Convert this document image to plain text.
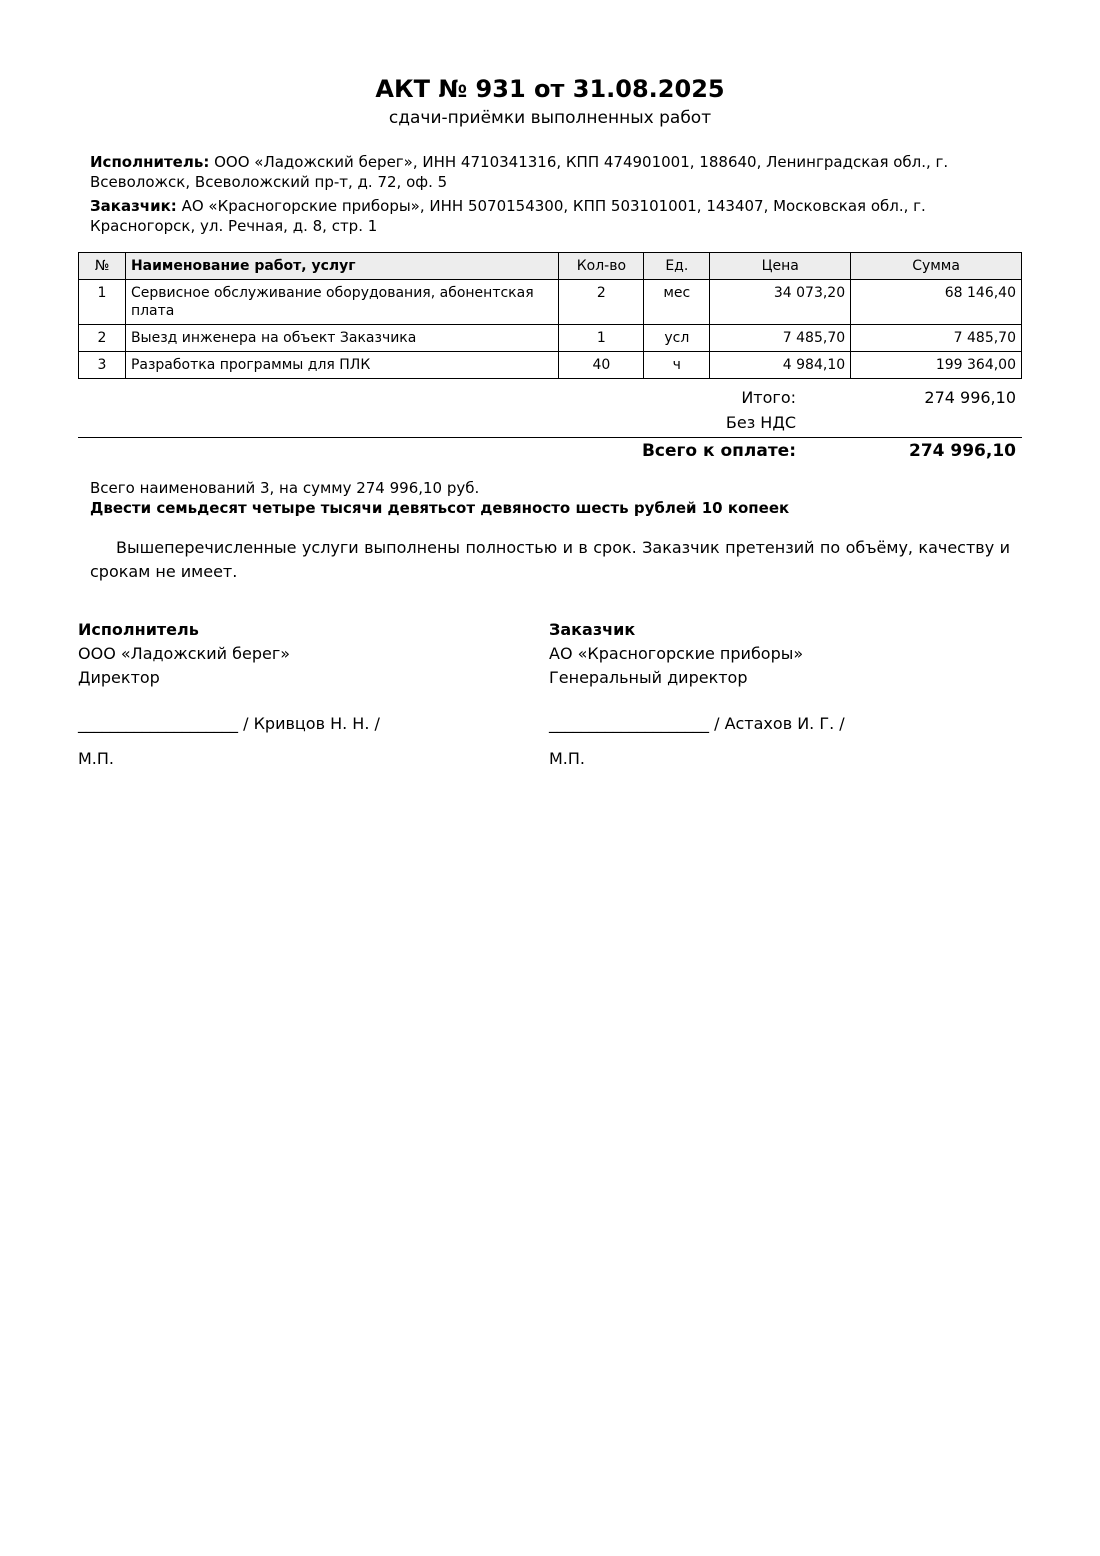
АКТ № 931 от 31.08.2025

сдачи-приёмки выполненных работ

Исполнитель: ООО «Ладожский берег», ИНН 4710341316, КПП 474901001, 188640, Ленинградская обл., г. Всеволожск, Всеволожский пр-т, д. 72, оф. 5
Заказчик: АО «Красногорские приборы», ИНН 5070154300, КПП 503101001, 143407, Московская обл., г. Красногорск, ул. Речная, д. 8, стр. 1
№	Наименование работ, услуг	Кол-во	Ед.	Цена	Сумма
1	Сервисное обслуживание оборудования, абонентская плата	2	мес	34 073,20	68 146,40
2	Выезд инженера на объект Заказчика	1	усл	7 485,70	7 485,70
3	Разработка программы для ПЛК	40	ч	4 984,10	199 364,00
Итого:	274 996,10
Без НДС
Всего к оплате:	274 996,10
Всего наименований 3, на сумму 274 996,10 руб.
Двести семьдесят четыре тысячи девятьсот девяносто шесть рублей 10 копеек
Вышеперечисленные услуги выполнены полностью и в срок. Заказчик претензий по объёму, качеству и срокам не имеет.
Исполнитель
ООО «Ладожский берег»
Директор
____________________ / Кривцов Н. Н. /
М.П.
Заказчик
АО «Красногорские приборы»
Генеральный директор
____________________ / Астахов И. Г. /
М.П.
